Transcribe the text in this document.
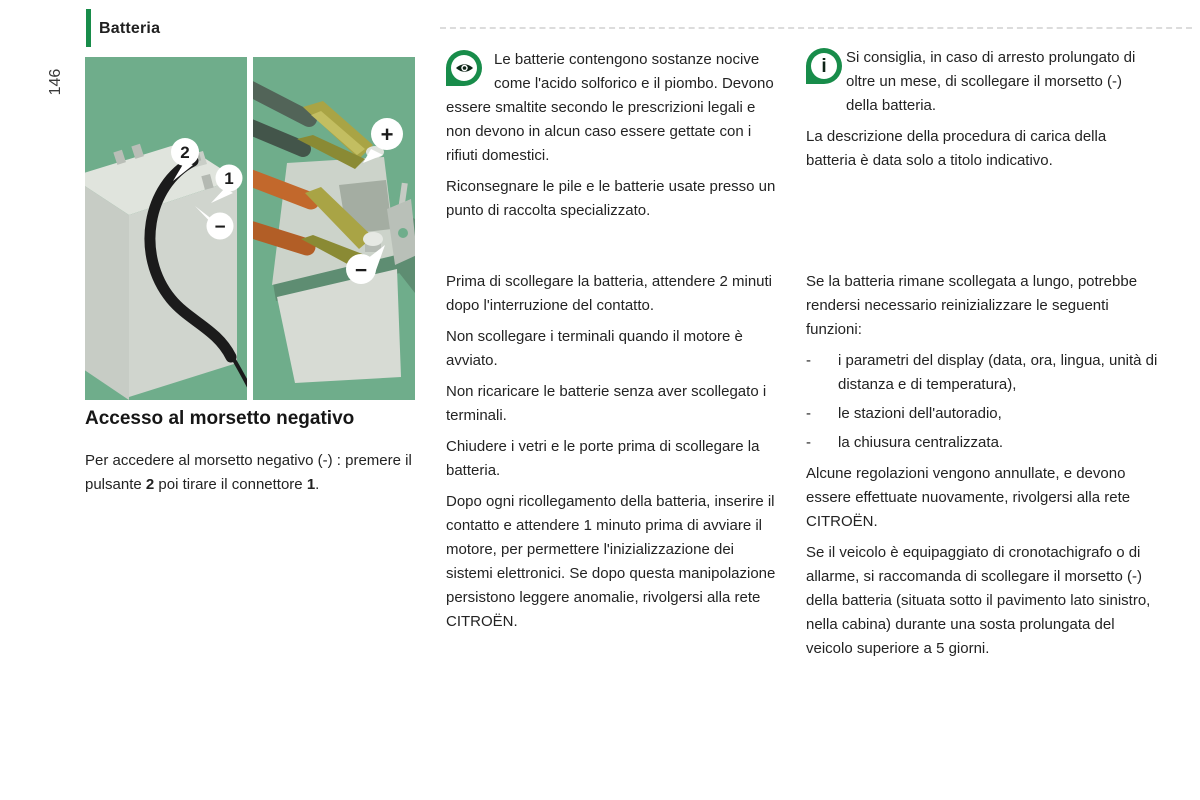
Batteria
146
2
1
−
+
−
Accesso al morsetto negativo

Per accedere al morsetto negativo (-) : premere il pulsante 2 poi tirare il connettore 1.

Le batterie contengono sostanze nocive come l'acido solforico e il piombo. Devono essere smaltite secondo le prescrizioni legali e non devono in alcun caso essere gettate con i rifiuti domestici.

Riconsegnare le pile e le batterie usate presso un punto di raccolta specializzato.

Prima di scollegare la batteria, attendere 2 minuti dopo l'interruzione del contatto.

Non scollegare i terminali quando il motore è avviato.

Non ricaricare le batterie senza aver scollegato i terminali.

Chiudere i vetri e le porte prima di scollegare la batteria.

Dopo ogni ricollegamento della batteria, inserire il contatto e attendere 1 minuto prima di avviare il motore, per permettere l'inizializzazione dei sistemi elettronici. Se dopo questa manipolazione persistono leggere anomalie, rivolgersi alla rete CITROËN.

i	Si consiglia, in caso di arresto prolungato di oltre un mese, di scollegare il morsetto (-) della batteria.

La descrizione della procedura di carica della batteria è data solo a titolo indicativo.

Se la batteria rimane scollegata a lungo, potrebbe rendersi necessario reinizializzare le seguenti funzioni:

-	i parametri del display (data, ora, lingua, unità di distanza e di temperatura),
-	le stazioni dell'autoradio,
-	la chiusura centralizzata.

Alcune regolazioni vengono annullate, e devono essere effettuate nuovamente, rivolgersi alla rete CITROËN.

Se il veicolo è equipaggiato di cronotachigrafo o di allarme, si raccomanda di scollegare il morsetto (-) della batteria (situata sotto il pavimento lato sinistro, nella cabina) durante una sosta prolungata del veicolo superiore a 5 giorni.
